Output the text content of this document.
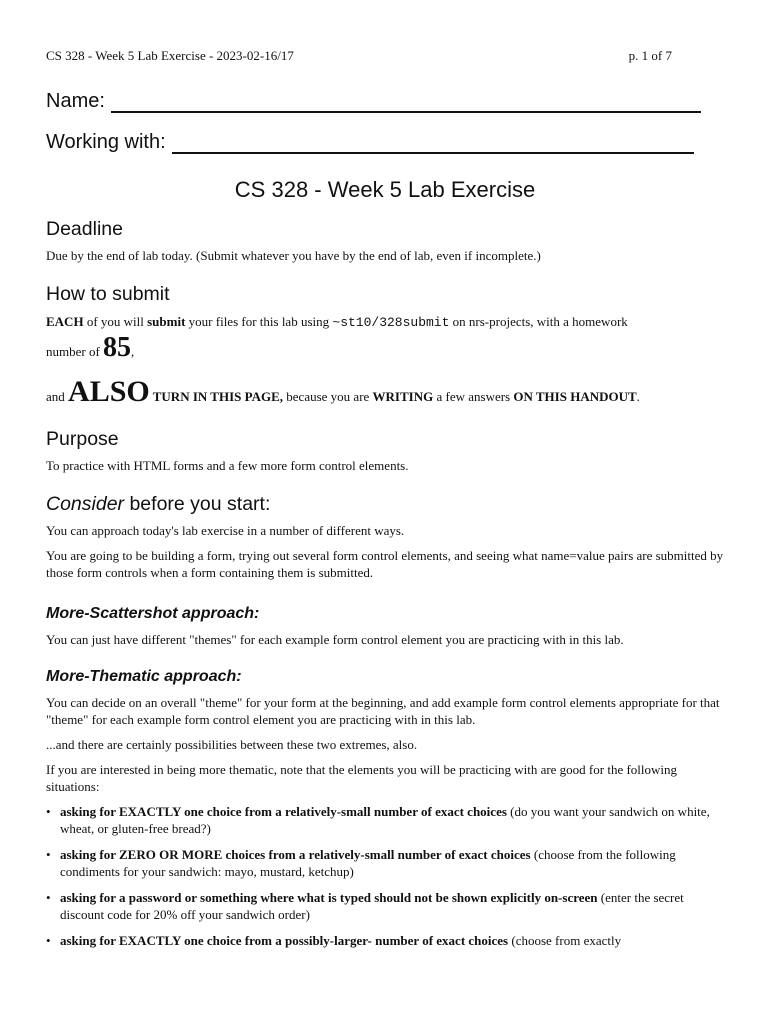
CS 328 - Week 5 Lab Exercise - 2023-02-16/17	p. 1 of 7
Name:
Working with:
CS 328 - Week 5 Lab Exercise
Deadline

Due by the end of lab today. (Submit whatever you have by the end of lab, even if incomplete.)

How to submit

EACH of you will submit your files for this lab using ~st10/328submit on nrs-projects, with a homework

number of 85,

and ALSO TURN IN THIS PAGE, because you are WRITING a few answers ON THIS HANDOUT.

Purpose

To practice with HTML forms and a few more form control elements.

Consider before you start:

You can approach today's lab exercise in a number of different ways.

You are going to be building a form, trying out several form control elements, and seeing what name=value pairs are submitted by those form controls when a form containing them is submitted.

More-Scattershot approach:

You can just have different "themes" for each example form control element you are practicing with in this lab.

More-Thematic approach:

You can decide on an overall "theme" for your form at the beginning, and add example form control elements appropriate for that "theme" for each example form control element you are practicing with in this lab.

...and there are certainly possibilities between these two extremes, also.

If you are interested in being more thematic, note that the elements you will be practicing with are good for the following situations:

• asking for EXACTLY one choice from a relatively-small number of exact choices (do you want your sandwich on white, wheat, or gluten-free bread?)
• asking for ZERO OR MORE choices from a relatively-small number of exact choices (choose from the following condiments for your sandwich: mayo, mustard, ketchup)
• asking for a password or something where what is typed should not be shown explicitly on-screen (enter the secret discount code for 20% off your sandwich order)
• asking for EXACTLY one choice from a possibly-larger- number of exact choices (choose from exactly
